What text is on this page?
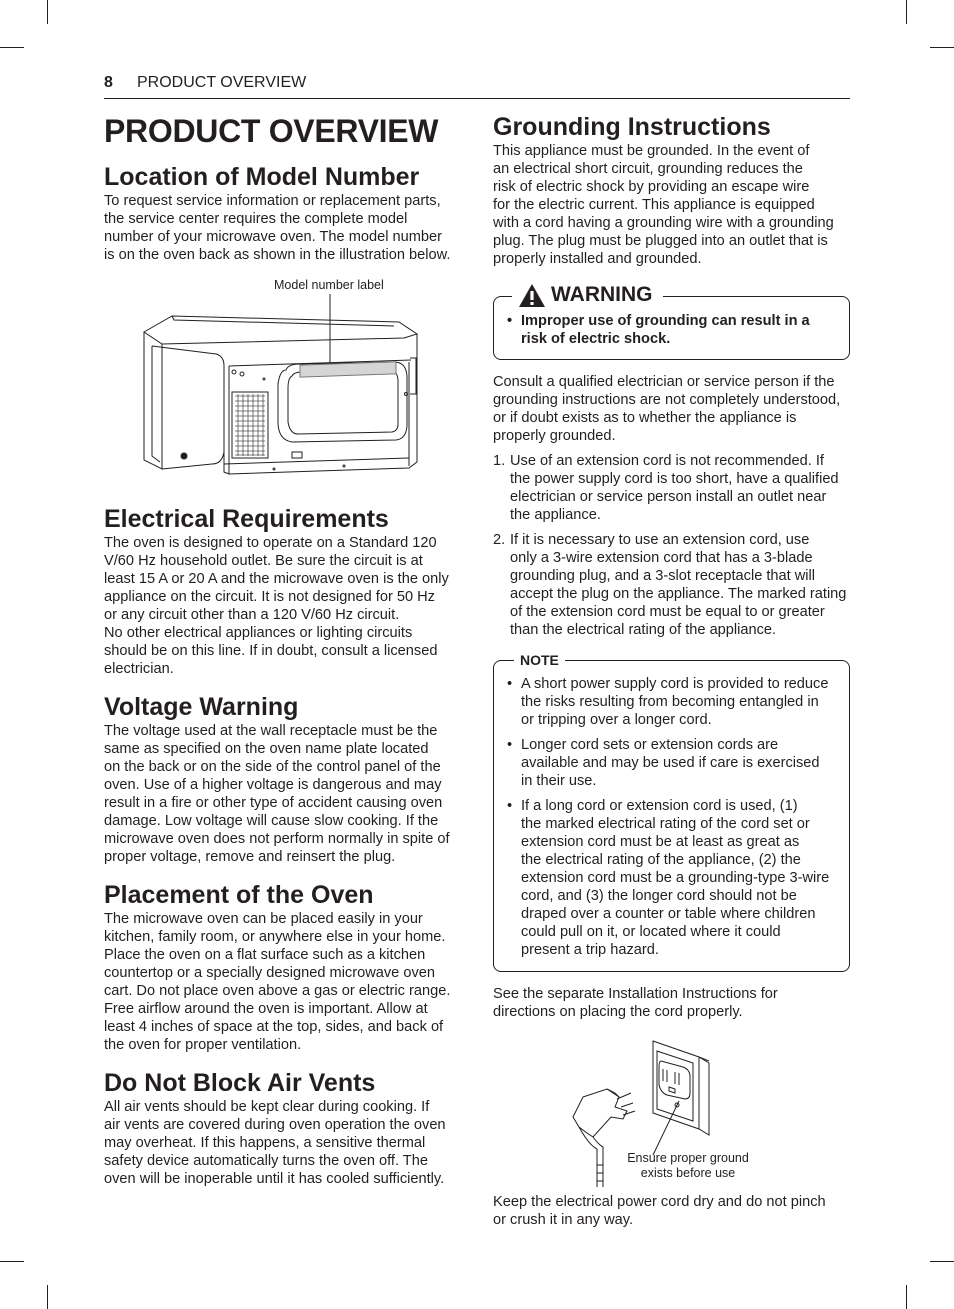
8 PRODUCT OVERVIEW
PRODUCT OVERVIEW
Location of Model Number

To request service information or replacement parts,
the service center requires the complete model
number of your microwave oven. The model number
is on the oven back as shown in the illustration below.

Model number label
Electrical Requirements

The oven is designed to operate on a Standard 120
V/60 Hz household outlet. Be sure the circuit is at
least 15 A or 20 A and the microwave oven is the only
appliance on the circuit. It is not designed for 50 Hz
or any circuit other than a 120 V/60 Hz circuit.
No other electrical appliances or lighting circuits
should be on this line. If in doubt, consult a licensed
electrician.

Voltage Warning

The voltage used at the wall receptacle must be the
same as specified on the oven name plate located
on the back or on the side of the control panel of the
oven. Use of a higher voltage is dangerous and may
result in a fire or other type of accident causing oven
damage. Low voltage will cause slow cooking. If the
microwave oven does not perform normally in spite of
proper voltage, remove and reinsert the plug.

Placement of the Oven

The microwave oven can be placed easily in your
kitchen, family room, or anywhere else in your home.
Place the oven on a flat surface such as a kitchen
countertop or a specially designed microwave oven
cart. Do not place oven above a gas or electric range.
Free airflow around the oven is important. Allow at
least 4 inches of space at the top, sides, and back of
the oven for proper ventilation.

Do Not Block Air Vents

All air vents should be kept clear during cooking. If
air vents are covered during oven operation the oven
may overheat. If this happens, a sensitive thermal
safety device automatically turns the oven off. The
oven will be inoperable until it has cooled sufficiently.

Grounding Instructions

This appliance must be grounded. In the event of
an electrical short circuit, grounding reduces the
risk of electric shock by providing an escape wire
for the electric current. This appliance is equipped
with a cord having a grounding wire with a grounding
plug. The plug must be plugged into an outlet that is
properly installed and grounded.

WARNING
• Improper use of grounding can result in a
risk of electric shock.

Consult a qualified electrician or service person if the
grounding instructions are not completely understood,
or if doubt exists as to whether the appliance is
properly grounded.

1. Use of an extension cord is not recommended. If
the power supply cord is too short, have a qualified
electrician or service person install an outlet near
the appliance.
2. If it is necessary to use an extension cord, use
only a 3-wire extension cord that has a 3-blade
grounding plug, and a 3-slot receptacle that will
accept the plug on the appliance. The marked rating
of the extension cord must be equal to or greater
than the electrical rating of the appliance.
NOTE
• A short power supply cord is provided to reduce
the risks resulting from becoming entangled in
or tripping over a longer cord.
• Longer cord sets or extension cords are
available and may be used if care is exercised
in their use.
• If a long cord or extension cord is used, (1)
the marked electrical rating of the cord set or
extension cord must be at least as great as
the electrical rating of the appliance, (2) the
extension cord must be a grounding-type 3-wire
cord, and (3) the longer cord should not be
draped over a counter or table where children
could pull on it, or located where it could
present a trip hazard.

See the separate Installation Instructions for
directions on placing the cord properly.

Ensure proper ground
exists before use

Keep the electrical power cord dry and do not pinch
or crush it in any way.
